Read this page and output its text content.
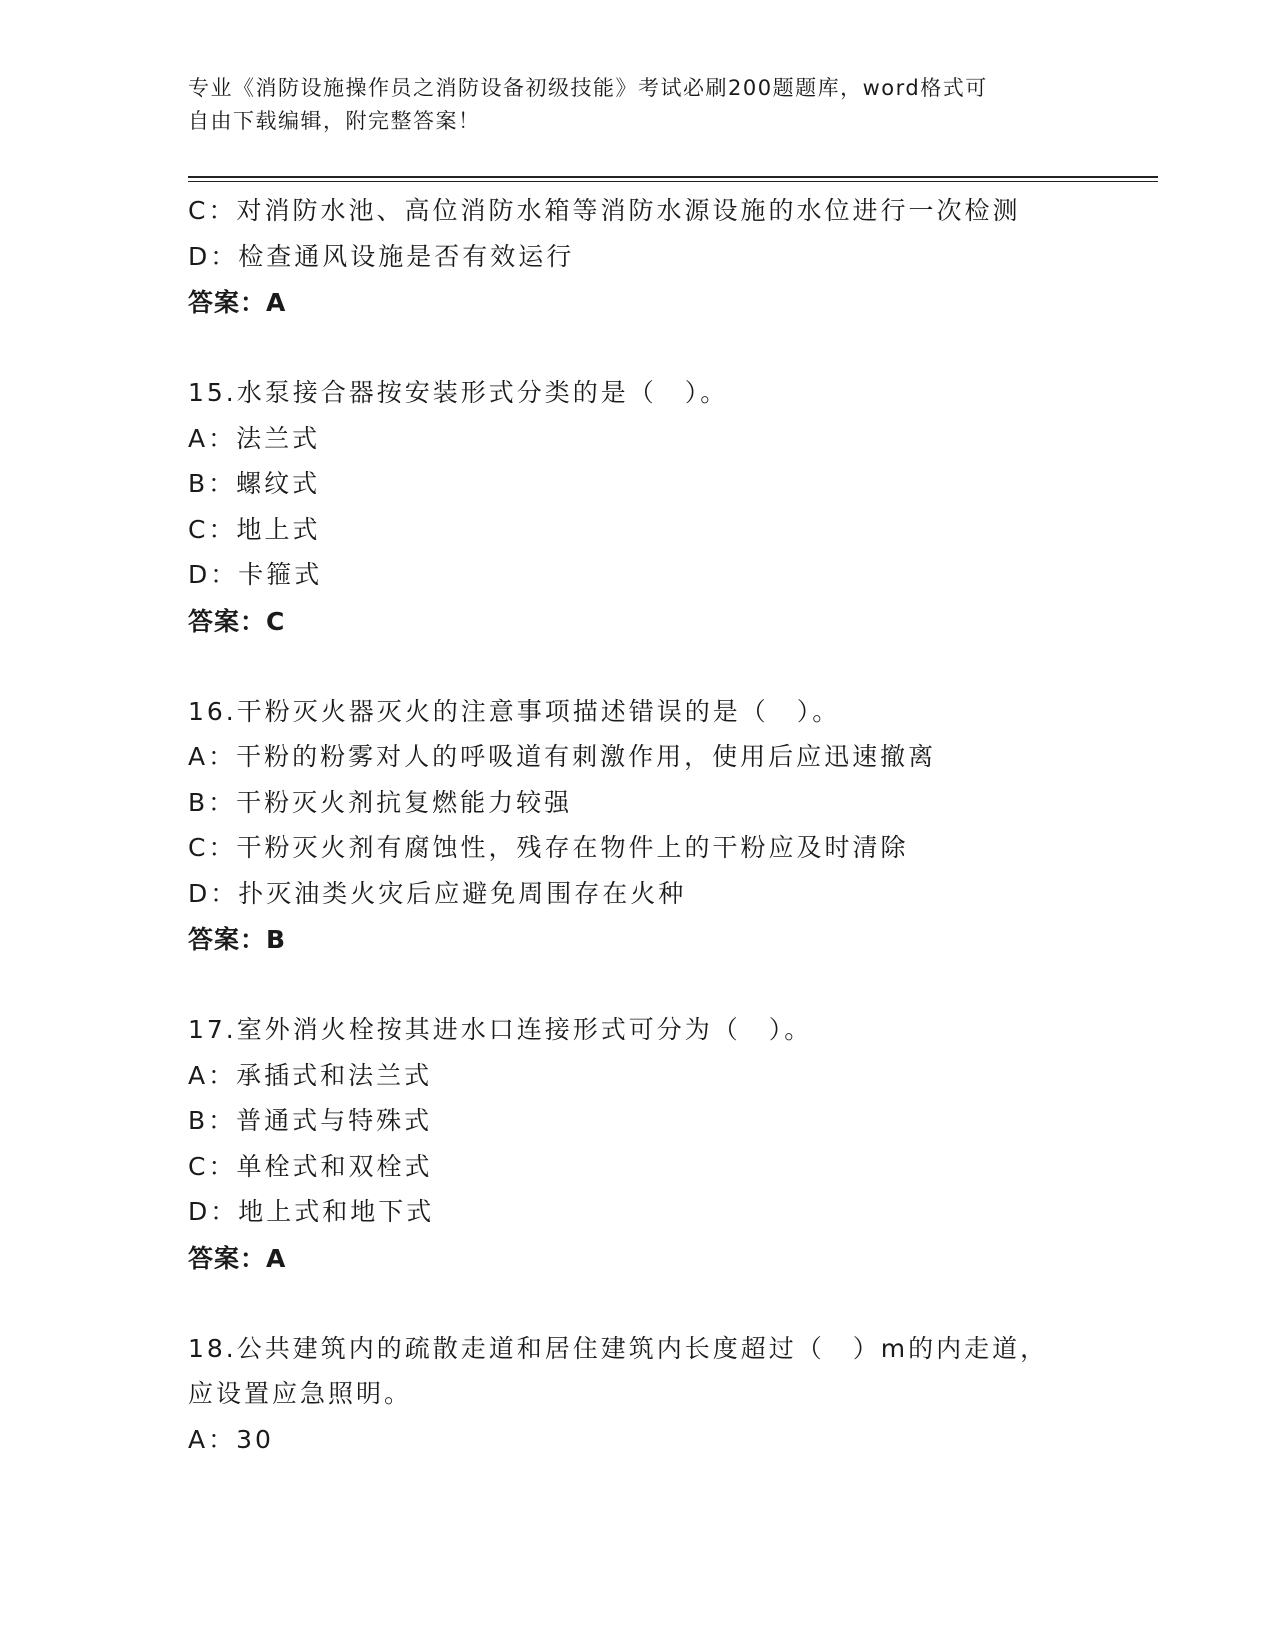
专业《消防设施操作员之消防设备初级技能》考试必刷200题题库，word格式可
自由下载编辑，附完整答案！
C：对消防水池、高位消防水箱等消防水源设施的水位进行一次检测
D：检查通风设施是否有效运行
答案：A
15.水泵接合器按安装形式分类的是（　）。
A：法兰式
B：螺纹式
C：地上式
D：卡箍式
答案：C
16.干粉灭火器灭火的注意事项描述错误的是（　）。
A：干粉的粉雾对人的呼吸道有刺激作用，使用后应迅速撤离
B：干粉灭火剂抗复燃能力较强
C：干粉灭火剂有腐蚀性，残存在物件上的干粉应及时清除
D：扑灭油类火灾后应避免周围存在火种
答案：B
17.室外消火栓按其进水口连接形式可分为（　）。
A：承插式和法兰式
B：普通式与特殊式
C：单栓式和双栓式
D：地上式和地下式
答案：A
18.公共建筑内的疏散走道和居住建筑内长度超过（　）m的内走道，
应设置应急照明。
A：30
